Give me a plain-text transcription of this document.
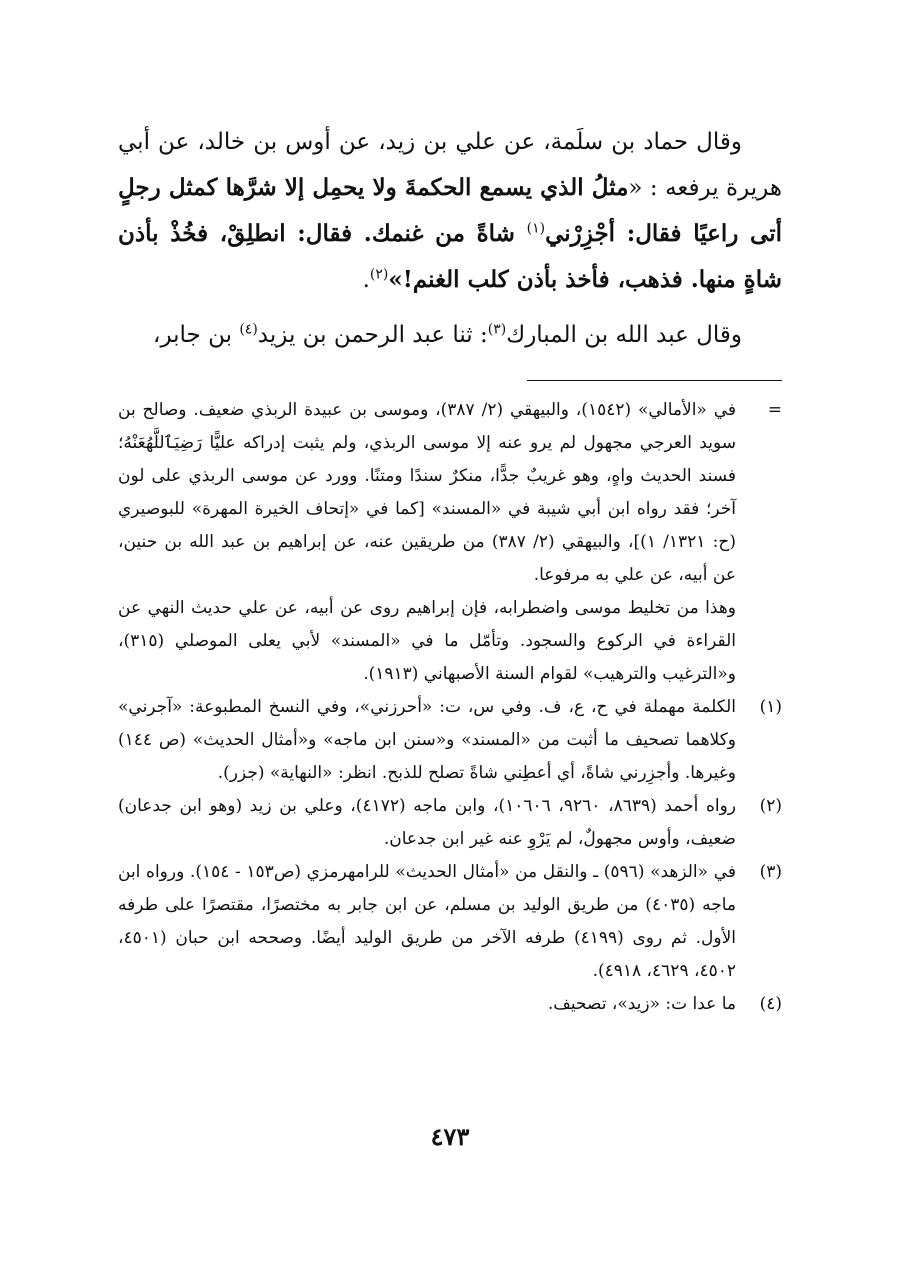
وقال حماد بن سلَمة، عن علي بن زيد، عن أوس بن خالد، عن أبي هريرة يرفعه : «مثلُ الذي يسمع الحكمةَ ولا يحمِل إلا شرَّها كمثل رجلٍ أتى راعيًا فقال: أجْزِرْني$^{(١)}$ شاةً من غنمك. فقال: انطلِقْ، فخُذْ بأذن شاةٍ منها. فذهب، فأخذ بأذن كلب الغنم!»$^{(٢)}$.

وقال عبد الله بن المبارك$^{(٣)}$: ثنا عبد الرحمن بن يزيد$^{(٤)}$ بن جابر،

=

في «الأمالي» (١٥٤٢)، والبيهقي (٢/ ٣٨٧)، وموسى بن عبيدة الربذي ضعيف. وصالح بن سويد العرجي مجهول لم يرو عنه إلا موسى الربذي، ولم يثبت إدراكه عليًّا رَضِيَٱللَّهُعَنْهُ؛ فسند الحديث واهٍ، وهو غريبٌ جدًّا، منكرٌ سندًا ومتنًا. وورد عن موسى الربذي على لون آخر؛ فقد رواه ابن أبي شيبة في «المسند» [كما في «إتحاف الخيرة المهرة» للبوصيري (ح: ١٣٢١/ ١)]، والبيهقي (٢/ ٣٨٧) من طريقين عنه، عن إبراهيم بن عبد الله بن حنين، عن أبيه، عن علي به مرفوعا.

وهذا من تخليط موسى واضطرابه، فإن إبراهيم روى عن أبيه، عن علي حديث النهي عن القراءة في الركوع والسجود. وتأمّل ما في «المسند» لأبي يعلى الموصلي (٣١٥)، و«الترغيب والترهيب» لقوام السنة الأصبهاني (١٩١٣).

(١)

الكلمة مهملة في ح، ع، ف. وفي س، ت: «أحرزني»، وفي النسخ المطبوعة: «آجرني» وكلاهما تصحيف ما أثبت من «المسند» و«سنن ابن ماجه» و«أمثال الحديث» (ص ١٤٤) وغيرها. وأجزِرني شاةً، أي أعطِني شاةً تصلح للذبح. انظر: «النهاية» (جزر).

(٢)

رواه أحمد (٨٦٣٩، ٩٢٦٠، ١٠٦٠٦)، وابن ماجه (٤١٧٢)، وعلي بن زيد (وهو ابن جدعان) ضعيف، وأوس مجهولٌ، لم يَرْوِ عنه غير ابن جدعان.

(٣)

في «الزهد» (٥٩٦) ـ والنقل من «أمثال الحديث» للرامهرمزي (ص١٥٣ - ١٥٤). ورواه ابن ماجه (٤٠٣٥) من طريق الوليد بن مسلم، عن ابن جابر به مختصرًا، مقتصرًا على طرفه الأول. ثم روى (٤١٩٩) طرفه الآخر من طريق الوليد أيضًا. وصححه ابن حبان (٤٥٠١، ٤٥٠٢، ٤٦٢٩، ٤٩١٨).

(٤)

ما عدا ت: «زيد»، تصحيف.

٤٧٣
